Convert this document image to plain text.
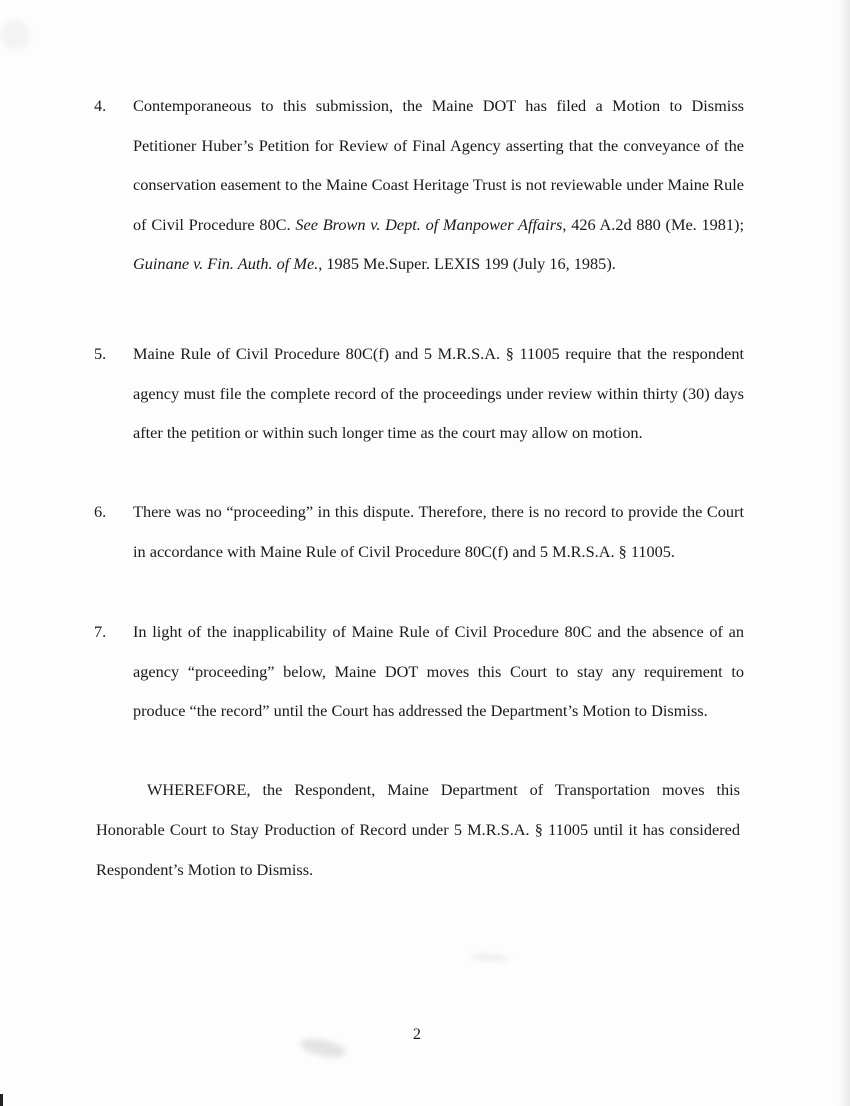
4.	Contemporaneous to this submission, the Maine DOT has filed a Motion to Dismiss Petitioner Huber’s Petition for Review of Final Agency asserting that the conveyance of the conservation easement to the Maine Coast Heritage Trust is not reviewable under Maine Rule of Civil Procedure 80C. See Brown v. Dept. of Manpower Affairs, 426 A.2d 880 (Me. 1981); Guinane v. Fin. Auth. of Me., 1985 Me.Super. LEXIS 199 (July 16, 1985).
5.	Maine Rule of Civil Procedure 80C(f) and 5 M.R.S.A. § 11005 require that the respondent agency must file the complete record of the proceedings under review within thirty (30) days after the petition or within such longer time as the court may allow on motion.
6.	There was no “proceeding” in this dispute. Therefore, there is no record to provide the Court in accordance with Maine Rule of Civil Procedure 80C(f) and 5 M.R.S.A. § 11005.
7.	In light of the inapplicability of Maine Rule of Civil Procedure 80C and the absence of an agency “proceeding” below, Maine DOT moves this Court to stay any requirement to produce “the record” until the Court has addressed the Department’s Motion to Dismiss.
WHEREFORE, the Respondent, Maine Department of Transportation moves this Honorable Court to Stay Production of Record under 5 M.R.S.A. § 11005 until it has considered Respondent’s Motion to Dismiss.
2
